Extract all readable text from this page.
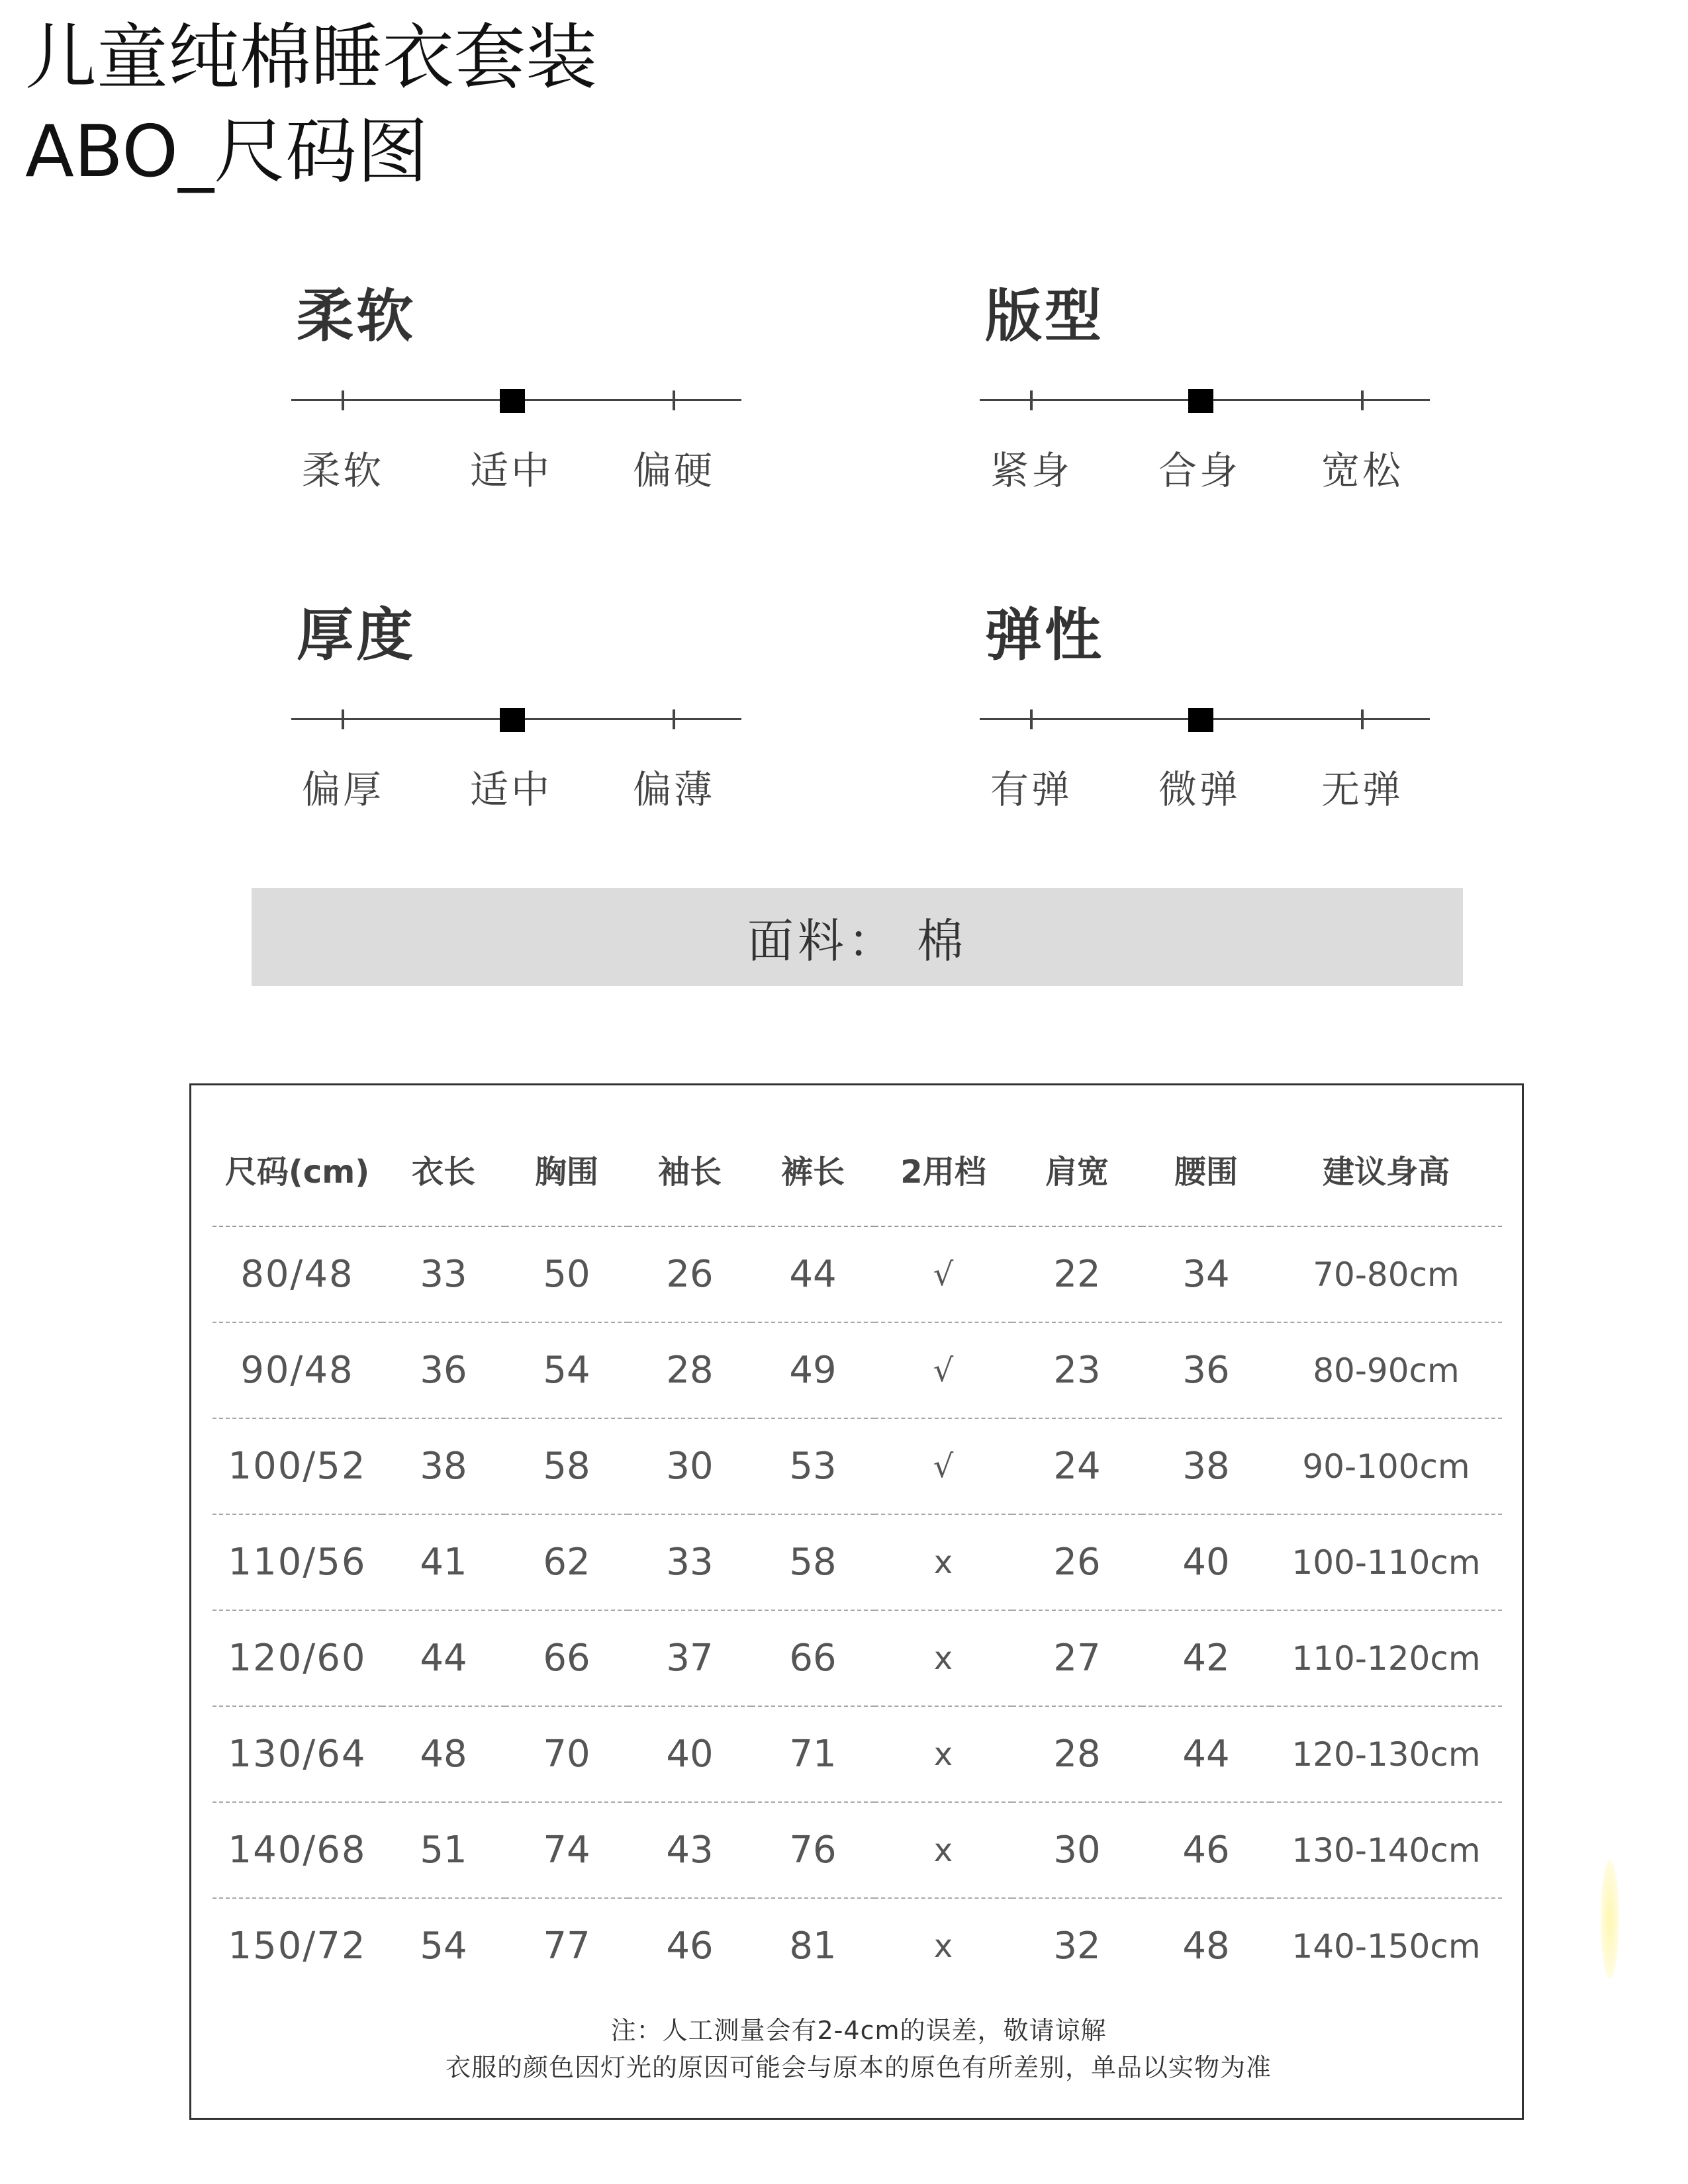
儿童纯棉睡衣套装
ABO_尺码图
柔软
柔软	适中	偏硬
版型
紧身	合身	宽松
厚度
偏厚	适中	偏薄
弹性
有弹	微弹	无弹
面料： 棉
尺码(cm)	衣长	胸围	袖长	裤长	2用档	肩宽	腰围	建议身高
80/48	33	50	26	44	√	22	34	70-80cm
90/48	36	54	28	49	√	23	36	80-90cm
100/52	38	58	30	53	√	24	38	90-100cm
110/56	41	62	33	58	x	26	40	100-110cm
120/60	44	66	37	66	x	27	42	110-120cm
130/64	48	70	40	71	x	28	44	120-130cm
140/68	51	74	43	76	x	30	46	130-140cm
150/72	54	77	46	81	x	32	48	140-150cm
注：人工测量会有2-4cm的误差，敬请谅解
衣服的颜色因灯光的原因可能会与原本的原色有所差别，单品以实物为准
